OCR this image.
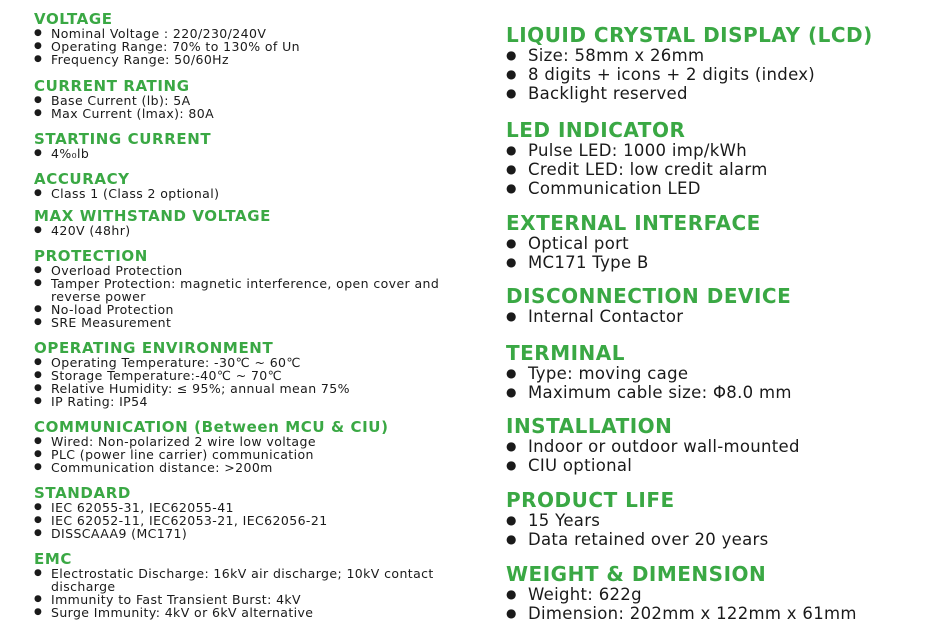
VOLTAGE
● Nominal Voltage : 220/230/240V
● Operating Range: 70% to 130% of Un
● Frequency Range: 50/60Hz
CURRENT RATING
● Base Current (lb): 5A
● Max Current (lmax): 80A
STARTING CURRENT
● 4%₀lb
ACCURACY
● Class 1 (Class 2 optional)
MAX WITHSTAND VOLTAGE
● 420V (48hr)
PROTECTION
● Overload Protection
● Tamper Protection: magnetic interference, open cover and reverse power
● No-load Protection
● SRE Measurement
OPERATING ENVIRONMENT
● Operating Temperature: -30℃ ~ 60℃
● Storage Temperature:-40℃ ~ 70℃
● Relative Humidity: ≤ 95%; annual mean 75%
● IP Rating: IP54
COMMUNICATION (Between MCU & CIU)
● Wired: Non-polarized 2 wire low voltage
● PLC (power line carrier) communication
● Communication distance: >200m
STANDARD
● IEC 62055-31, IEC62055-41
● IEC 62052-11, IEC62053-21, IEC62056-21
● DISSCAAA9 (MC171)
EMC
● Electrostatic Discharge: 16kV air discharge; 10kV contact discharge
● Immunity to Fast Transient Burst: 4kV
● Surge Immunity: 4kV or 6kV alternative
LIQUID CRYSTAL DISPLAY (LCD)
● Size: 58mm x 26mm
● 8 digits + icons + 2 digits (index)
● Backlight reserved
LED INDICATOR
● Pulse LED: 1000 imp/kWh
● Credit LED: low credit alarm
● Communication LED
EXTERNAL INTERFACE
● Optical port
● MC171 Type B
DISCONNECTION DEVICE
● Internal Contactor
TERMINAL
● Type: moving cage
● Maximum cable size: Φ8.0 mm
INSTALLATION
● Indoor or outdoor wall-mounted
● CIU optional
PRODUCT LIFE
● 15 Years
● Data retained over 20 years
WEIGHT & DIMENSION
● Weight: 622g
● Dimension: 202mm x 122mm x 61mm
